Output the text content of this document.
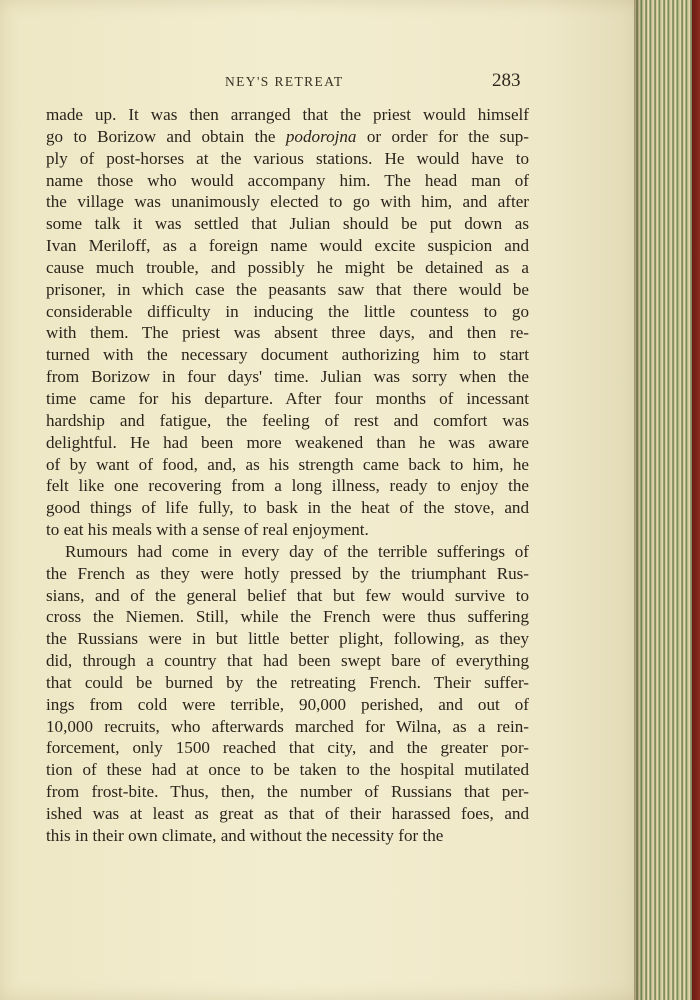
NEY'S RETREAT	283
made up. It was then arranged that the priest would himself
go to Borizow and obtain the podorojna or order for the sup-
ply of post-horses at the various stations. He would have to
name those who would accompany him. The head man of
the village was unanimously elected to go with him, and after
some talk it was settled that Julian should be put down as
Ivan Meriloff, as a foreign name would excite suspicion and
cause much trouble, and possibly he might be detained as a
prisoner, in which case the peasants saw that there would be
considerable difficulty in inducing the little countess to go
with them. The priest was absent three days, and then re-
turned with the necessary document authorizing him to start
from Borizow in four days' time. Julian was sorry when the
time came for his departure. After four months of incessant
hardship and fatigue, the feeling of rest and comfort was
delightful. He had been more weakened than he was aware
of by want of food, and, as his strength came back to him, he
felt like one recovering from a long illness, ready to enjoy the
good things of life fully, to bask in the heat of the stove, and
to eat his meals with a sense of real enjoyment.
Rumours had come in every day of the terrible sufferings of
the French as they were hotly pressed by the triumphant Rus-
sians, and of the general belief that but few would survive to
cross the Niemen. Still, while the French were thus suffering
the Russians were in but little better plight, following, as they
did, through a country that had been swept bare of everything
that could be burned by the retreating French. Their suffer-
ings from cold were terrible, 90,000 perished, and out of
10,000 recruits, who afterwards marched for Wilna, as a rein-
forcement, only 1500 reached that city, and the greater por-
tion of these had at once to be taken to the hospital mutilated
from frost-bite. Thus, then, the number of Russians that per-
ished was at least as great as that of their harassed foes, and
this in their own climate, and without the necessity for the
